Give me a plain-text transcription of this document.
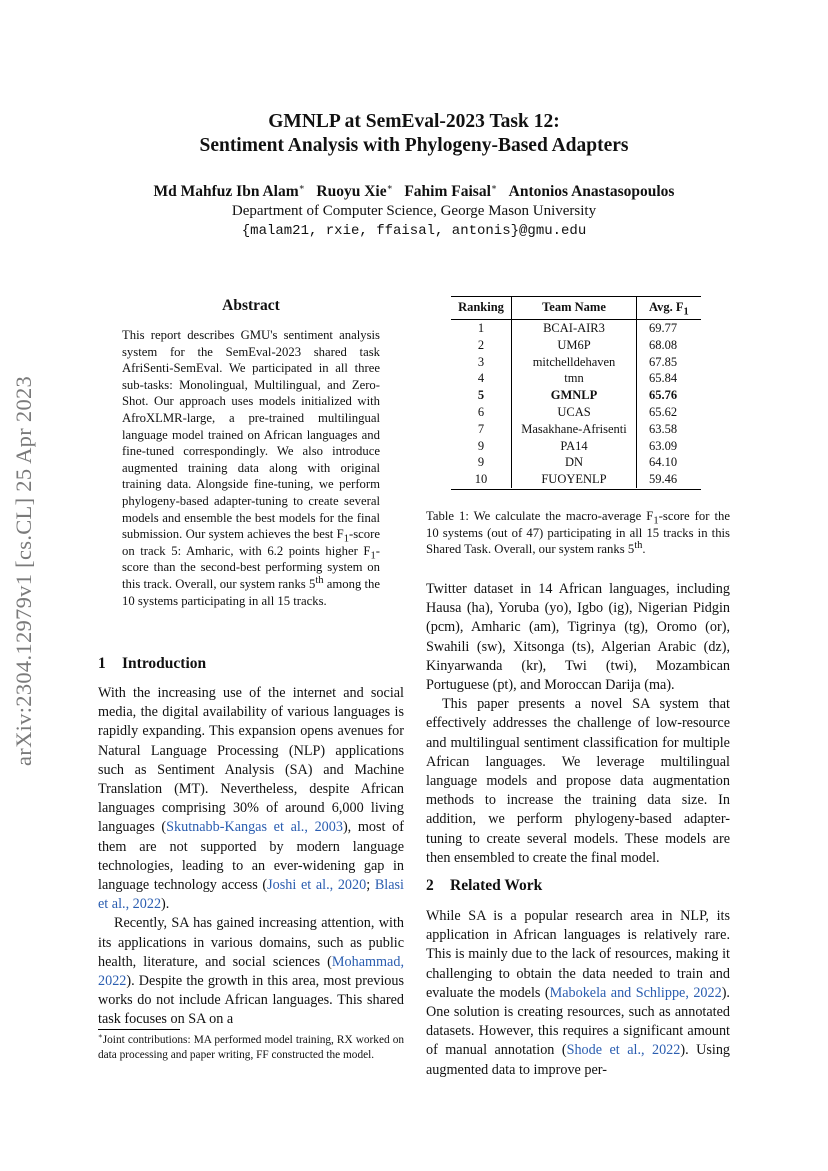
arXiv:2304.12979v1 [cs.CL] 25 Apr 2023
GMNLP at SemEval-2023 Task 12:
Sentiment Analysis with Phylogeny-Based Adapters
Md Mahfuz Ibn Alam∗ Ruoyu Xie∗ Fahim Faisal∗ Antonios Anastasopoulos
Department of Computer Science, George Mason University
{malam21, rxie, ffaisal, antonis}@gmu.edu
Abstract
This report describes GMU's sentiment analysis system for the SemEval-2023 shared task AfriSenti-SemEval. We participated in all three sub-tasks: Monolingual, Multilingual, and Zero-Shot. Our approach uses models initialized with AfroXLMR-large, a pre-trained multilingual language model trained on African languages and fine-tuned correspondingly. We also introduce augmented training data along with original training data. Alongside fine-tuning, we perform phylogeny-based adapter-tuning to create several models and ensemble the best models for the final submission. Our system achieves the best $F_1$-score on track 5: Amharic, with 6.2 points higher $F_1$-score than the second-best performing system on this track. Overall, our system ranks 5th among the 10 systems participating in all 15 tracks.
1 Introduction

With the increasing use of the internet and social media, the digital availability of various languages is rapidly expanding. This expansion opens avenues for Natural Language Processing (NLP) applications such as Sentiment Analysis (SA) and Machine Translation (MT). Nevertheless, despite African languages comprising 30% of around 6,000 living languages (Skutnabb-Kangas et al., 2003), most of them are not supported by modern language technologies, leading to an ever-widening gap in language technology access (Joshi et al., 2020; Blasi et al., 2022).

Recently, SA has gained increasing attention, with its applications in various domains, such as public health, literature, and social sciences (Mohammad, 2022). Despite the growth in this area, most previous works do not include African languages. This shared task focuses on SA on a

∗Joint contributions: MA performed model training, RX worked on data processing and paper writing, FF constructed the model.
Ranking	Team Name	Avg. $F_1$
1	BCAI-AIR3	69.77
2	UM6P	68.08
3	mitchelldehaven	67.85
4	tmn	65.84
5	GMNLP	65.76
6	UCAS	65.62
7	Masakhane-Afrisenti	63.58
9	PA14	63.09
9	DN	64.10
10	FUOYENLP	59.46
Table 1: We calculate the macro-average $F_1$-score for the 10 systems (out of 47) participating in all 15 tracks in this Shared Task. Overall, our system ranks 5th.

Twitter dataset in 14 African languages, including Hausa (ha), Yoruba (yo), Igbo (ig), Nigerian Pidgin (pcm), Amharic (am), Tigrinya (tg), Oromo (or), Swahili (sw), Xitsonga (ts), Algerian Arabic (dz), Kinyarwanda (kr), Twi (twi), Mozambican Portuguese (pt), and Moroccan Darija (ma).

This paper presents a novel SA system that effectively addresses the challenge of low-resource and multilingual sentiment classification for multiple African languages. We leverage multilingual language models and propose data augmentation methods to increase the training data size. In addition, we perform phylogeny-based adapter-tuning to create several models. These models are then ensembled to create the final model.

2 Related Work

While SA is a popular research area in NLP, its application in African languages is relatively rare. This is mainly due to the lack of resources, making it challenging to obtain the data needed to train and evaluate the models (Mabokela and Schlippe, 2022). One solution is creating resources, such as annotated datasets. However, this requires a significant amount of manual annotation (Shode et al., 2022). Using augmented data to improve per-
